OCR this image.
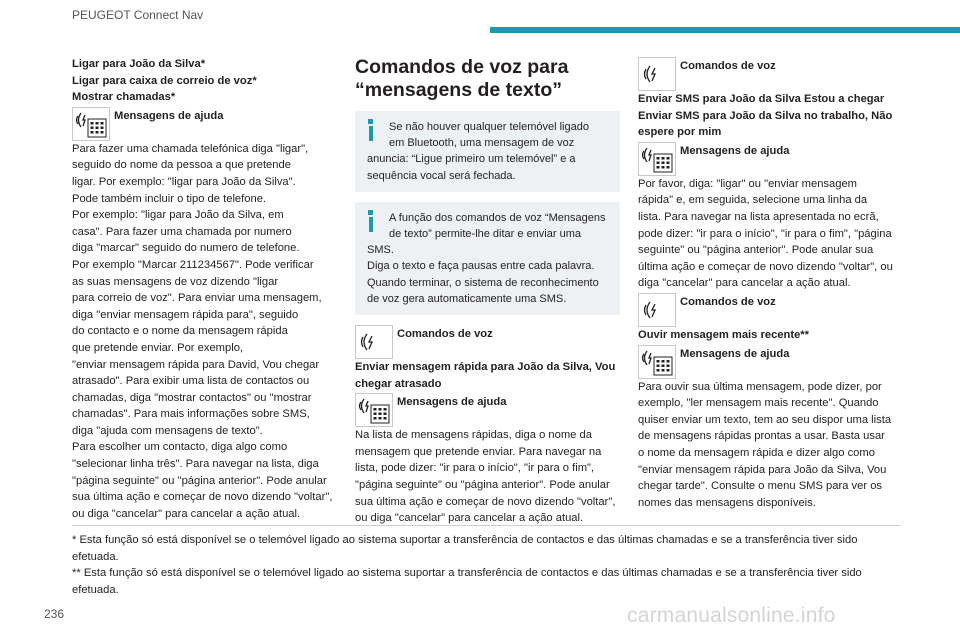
PEUGEOT Connect Nav
Ligar para João da Silva*
Ligar para caixa de correio de voz*
Mostrar chamadas*
Mensagens de ajuda
Para fazer uma chamada telefónica diga "ligar",
seguido do nome da pessoa a que pretende
ligar. Por exemplo: "ligar para João da Silva".
Pode também incluir o tipo de telefone.
Por exemplo: "ligar para João da Silva, em
casa". Para fazer uma chamada por numero
diga "marcar" seguido do numero de telefone.
Por exemplo "Marcar 211234567". Pode verificar
as suas mensagens de voz dizendo "ligar
para correio de voz". Para enviar uma mensagem,
diga "enviar mensagem rápida para", seguido
do contacto e o nome da mensagem rápida
que pretende enviar. Por exemplo,
"enviar mensagem rápida para David, Vou chegar
atrasado". Para exibir uma lista de contactos ou
chamadas, diga "mostrar contactos" ou "mostrar
chamadas". Para mais informações sobre SMS,
diga "ajuda com mensagens de texto".
Para escolher um contacto, diga algo como
"selecionar linha três". Para navegar na lista, diga
"página seguinte" ou "página anterior". Pode anular
sua última ação e começar de novo dizendo "voltar",
ou diga "cancelar" para cancelar a ação atual.
Comandos de voz para
“mensagens de texto”
Se não houver qualquer telemóvel ligado
em Bluetooth, uma mensagem de voz
anuncia: “Ligue primeiro um telemóvel” e a
sequência vocal será fechada.
A função dos comandos de voz “Mensagens
de texto” permite-lhe ditar e enviar uma
SMS.
Diga o texto e faça pausas entre cada palavra.
Quando terminar, o sistema de reconhecimento
de voz gera automaticamente uma SMS.
Comandos de voz
Enviar mensagem rápida para João da Silva, Vou
chegar atrasado
Mensagens de ajuda
Na lista de mensagens rápidas, diga o nome da
mensagem que pretende enviar. Para navegar na
lista, pode dizer: "ir para o início", "ir para o fim",
"página seguinte" ou "página anterior". Pode anular
sua última ação e começar de novo dizendo "voltar",
ou diga "cancelar" para cancelar a ação atual.
Comandos de voz
Enviar SMS para João da Silva Estou a chegar
Enviar SMS para João da Silva no trabalho, Não
espere por mim
Mensagens de ajuda
Por favor, diga: "ligar" ou "enviar mensagem
rápida" e, em seguida, selecione uma linha da
lista. Para navegar na lista apresentada no ecrã,
pode dizer: "ir para o início", "ir para o fim", "página
seguinte" ou "página anterior". Pode anular sua
última ação e começar de novo dizendo "voltar", ou
diga "cancelar" para cancelar a ação atual.
Comandos de voz
Ouvir mensagem mais recente**
Mensagens de ajuda
Para ouvir sua última mensagem, pode dizer, por
exemplo, "ler mensagem mais recente". Quando
quiser enviar um texto, tem ao seu dispor uma lista
de mensagens rápidas prontas a usar. Basta usar
o nome da mensagem rápida e dizer algo como
"enviar mensagem rápida para João da Silva, Vou
chegar tarde". Consulte o menu SMS para ver os
nomes das mensagens disponíveis.
* Esta função só está disponível se o telemóvel ligado ao sistema suportar a transferência de contactos e das últimas chamadas e se a transferência tiver sido
efetuada.
** Esta função só está disponível se o telemóvel ligado ao sistema suportar a transferência de contactos e das últimas chamadas e se a transferência tiver sido
efetuada.
236	carmanualsonline.info
